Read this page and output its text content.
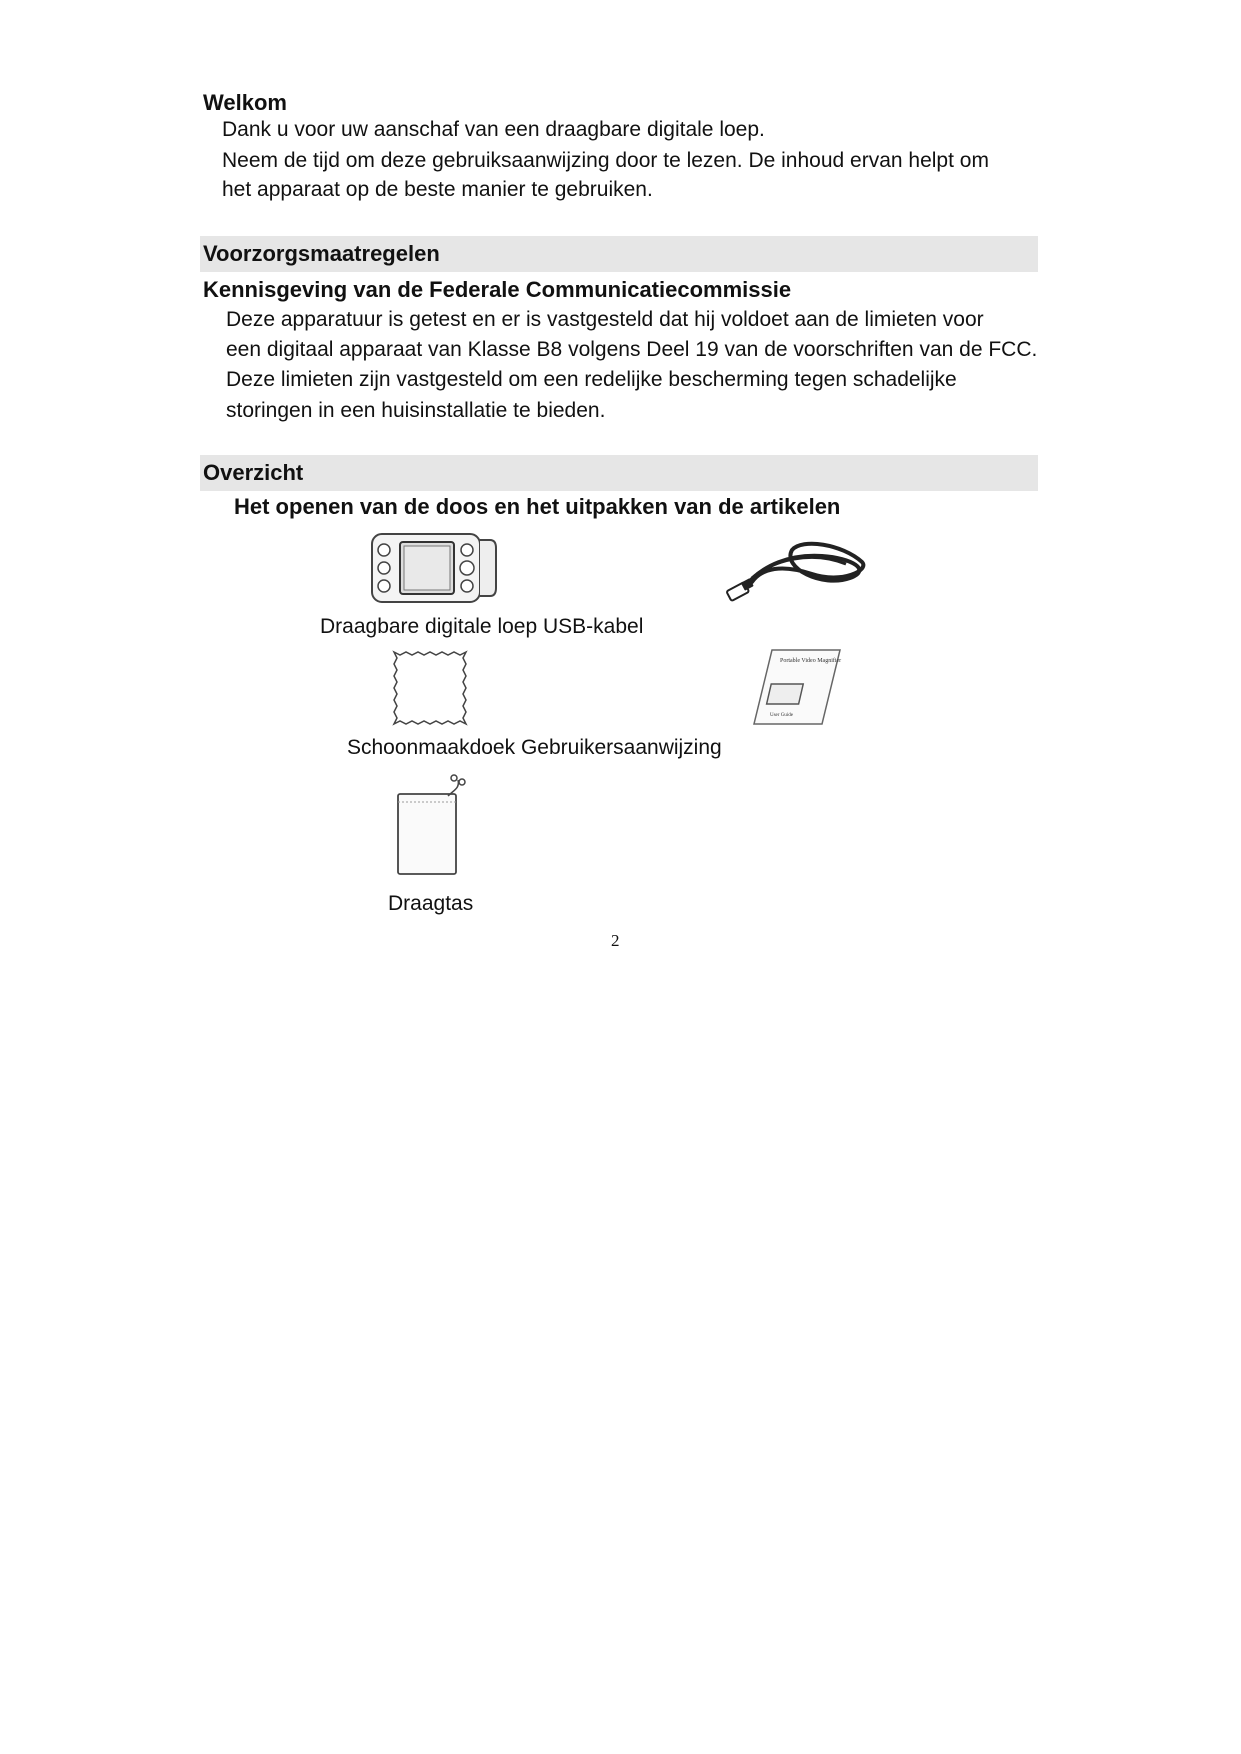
Welkom
Dank u voor uw aanschaf van een draagbare digitale loep.
Neem de tijd om deze gebruiksaanwijzing door te lezen. De inhoud ervan helpt om
het apparaat op de beste manier te gebruiken.
Voorzorgsmaatregelen
Kennisgeving van de Federale Communicatiecommissie
Deze apparatuur is getest en er is vastgesteld dat hij voldoet aan de limieten voor
een digitaal apparaat van Klasse B8 volgens Deel 19 van de voorschriften van de FCC.
Deze limieten zijn vastgesteld om een redelijke bescherming tegen schadelijke
storingen in een huisinstallatie te bieden.
Overzicht
Het openen van de doos en het uitpakken van de artikelen
Draagbare digitale loep USB-kabel
Portable Video Magnifier
User Guide
Schoonmaakdoek Gebruikersaanwijzing
Draagtas
2
